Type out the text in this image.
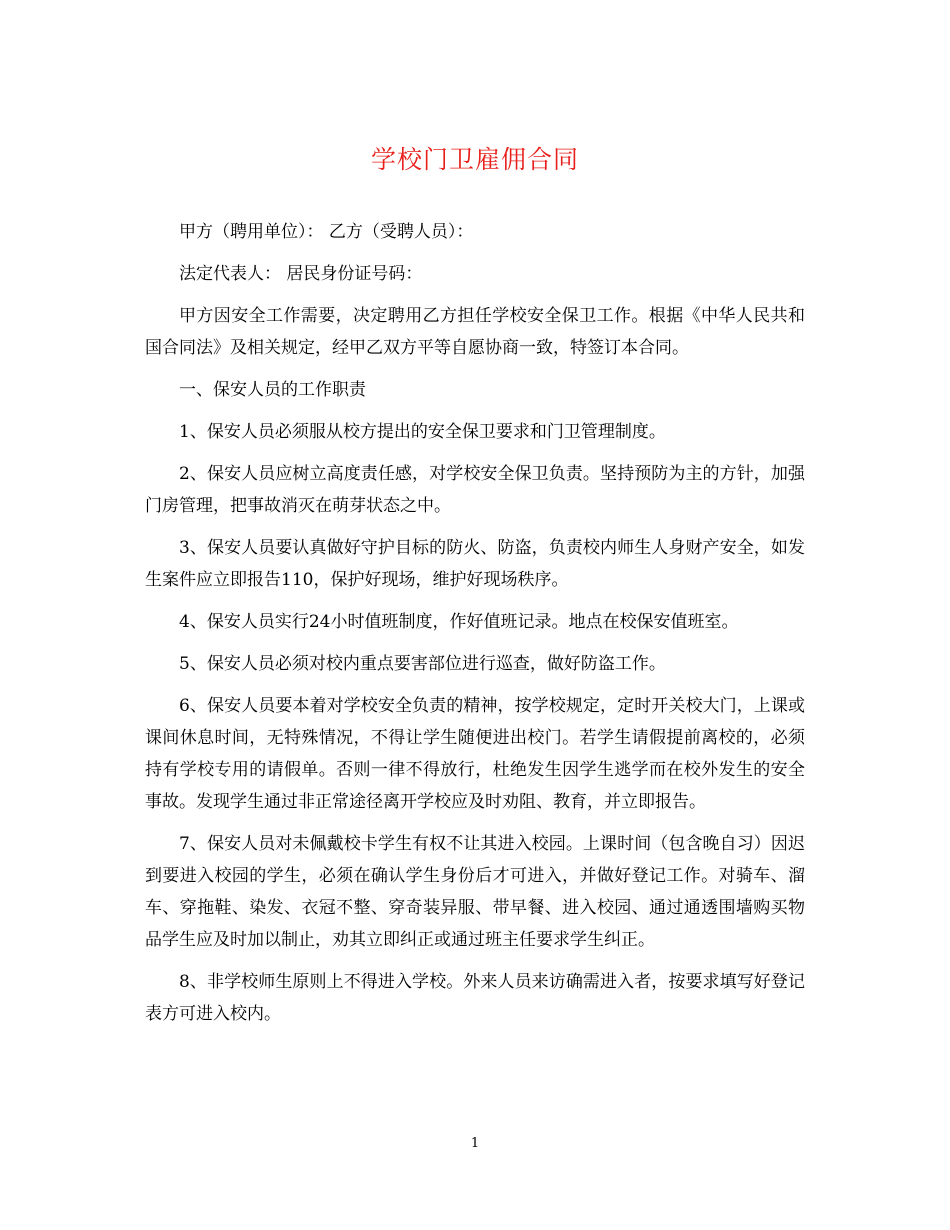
学校门卫雇佣合同

甲方（聘用单位）： 乙方（受聘人员）：

法定代表人： 居民身份证号码：

甲方因安全工作需要，决定聘用乙方担任学校安全保卫工作。根据《中华人民共和国合同法》及相关规定，经甲乙双方平等自愿协商一致，特签订本合同。

一、保安人员的工作职责

1、保安人员必须服从校方提出的安全保卫要求和门卫管理制度。

2、保安人员应树立高度责任感，对学校安全保卫负责。坚持预防为主的方针，加强门房管理，把事故消灭在萌芽状态之中。

3、保安人员要认真做好守护目标的防火、防盗，负责校内师生人身财产安全，如发生案件应立即报告110，保护好现场，维护好现场秩序。

4、保安人员实行24小时值班制度，作好值班记录。地点在校保安值班室。

5、保安人员必须对校内重点要害部位进行巡查，做好防盗工作。

6、保安人员要本着对学校安全负责的精神，按学校规定，定时开关校大门，上课或课间休息时间，无特殊情况，不得让学生随便进出校门。若学生请假提前离校的，必须持有学校专用的请假单。否则一律不得放行，杜绝发生因学生逃学而在校外发生的安全事故。发现学生通过非正常途径离开学校应及时劝阻、教育，并立即报告。

7、保安人员对未佩戴校卡学生有权不让其进入校园。上课时间（包含晚自习）因迟到要进入校园的学生，必须在确认学生身份后才可进入，并做好登记工作。对骑车、溜车、穿拖鞋、染发、衣冠不整、穿奇装异服、带早餐、进入校园、通过通透围墙购买物品学生应及时加以制止，劝其立即纠正或通过班主任要求学生纠正。

8、非学校师生原则上不得进入学校。外来人员来访确需进入者，按要求填写好登记表方可进入校内。

1
